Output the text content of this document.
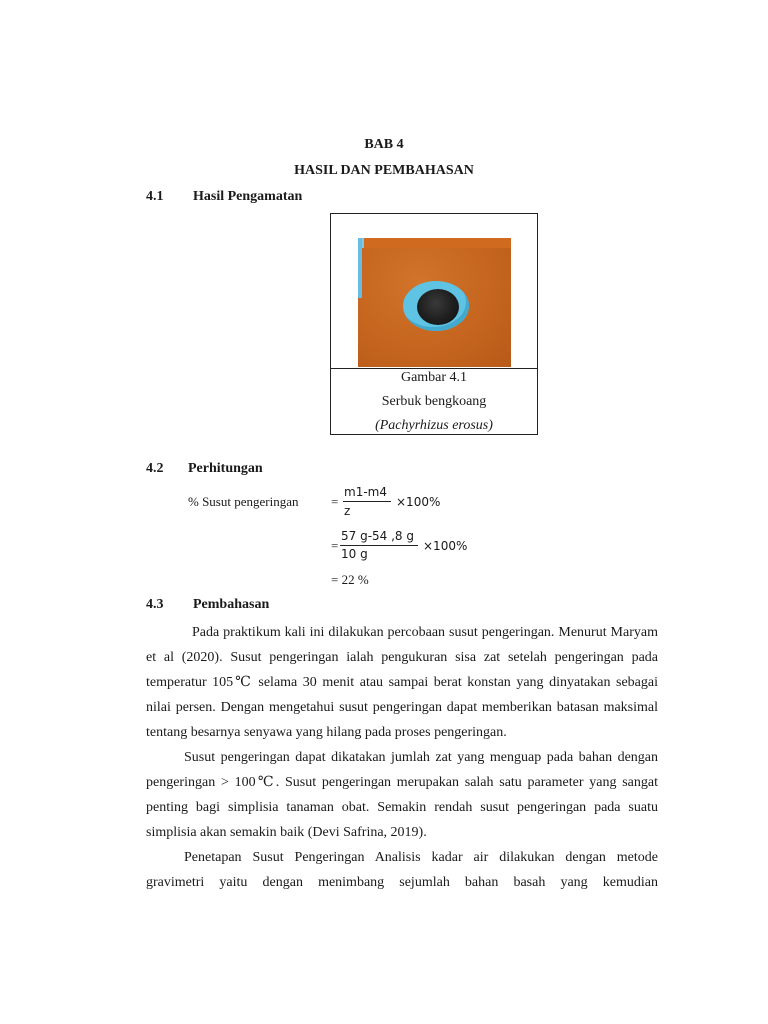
BAB 4
HASIL DAN PEMBAHASAN
4.1 Hasil Pengamatan
Gambar 4.1
Serbuk bengkoang
(Pachyrhizus erosus)
4.2 Perhitungan
% Susut pengeringan	=
m1-m4
z
×100%
=
57 g-54 ,8 g
10 g
×100%
= 22 %
4.3 Pembahasan

Pada praktikum kali ini dilakukan percobaan susut pengeringan. Menurut Maryam et al (2020). Susut pengeringan ialah pengukuran sisa zat setelah pengeringan pada temperatur 105℃ selama 30 menit atau sampai berat konstan yang dinyatakan sebagai nilai persen. Dengan mengetahui susut pengeringan dapat memberikan batasan maksimal tentang besarnya senyawa yang hilang pada proses pengeringan.

Susut pengeringan dapat dikatakan jumlah zat yang menguap pada bahan dengan pengeringan > 100℃. Susut pengeringan merupakan salah satu parameter yang sangat penting bagi simplisia tanaman obat. Semakin rendah susut pengeringan pada suatu simplisia akan semakin baik (Devi Safrina, 2019).

Penetapan Susut Pengeringan Analisis kadar air dilakukan dengan metode gravimetri yaitu dengan menimbang sejumlah bahan basah yang kemudian
